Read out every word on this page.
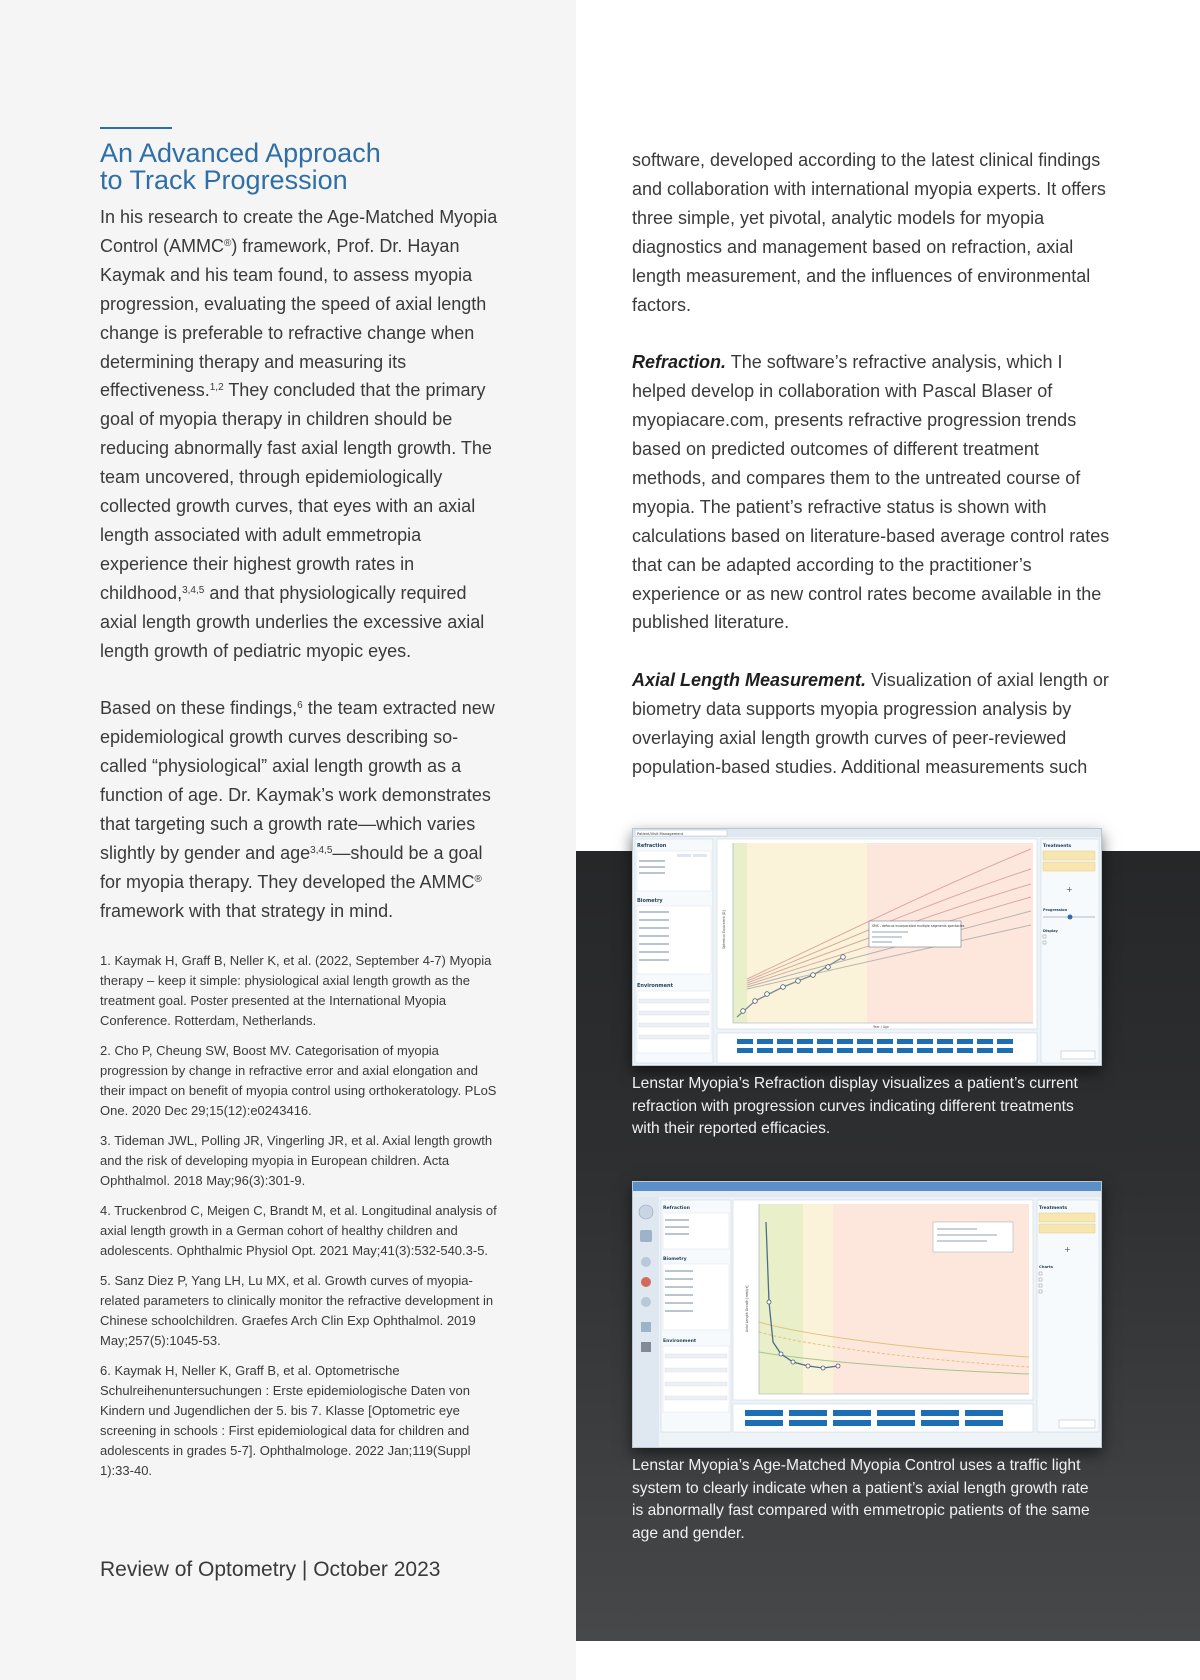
An Advanced Approach
to Track Progression

In his research to create the Age-Matched Myopia Control (AMMC®) framework, Prof. Dr. Hayan Kaymak and his team found, to assess myopia progression, evaluating the speed of axial length change is preferable to refractive change when determining therapy and measuring its effectiveness.$^{1,2}$ They concluded that the primary goal of myopia therapy in children should be reducing abnormally fast axial length growth. The team uncovered, through epidemiologically collected growth curves, that eyes with an axial length associated with adult emmetropia experience their highest growth rates in childhood,$^{3,4,5}$ and that physiologically required axial length growth underlies the excessive axial length growth of pediatric myopic eyes.

Based on these findings,$^6$ the team extracted new epidemiological growth curves describing so-called “physiological” axial length growth as a function of age. Dr. Kaymak’s work demonstrates that targeting such a growth rate—which varies slightly by gender and age$^{3,4,5}$—should be a goal for myopia therapy. They developed the AMMC® framework with that strategy in mind.

1. Kaymak H, Graff B, Neller K, et al. (2022, September 4-7) Myopia therapy – keep it simple: physiological axial length growth as the treatment goal. Poster presented at the International Myopia Conference. Rotterdam, Netherlands.

2. Cho P, Cheung SW, Boost MV. Categorisation of myopia progression by change in refractive error and axial elongation and their impact on benefit of myopia control using orthokeratology. PLoS One. 2020 Dec 29;15(12):e0243416.

3. Tideman JWL, Polling JR, Vingerling JR, et al. Axial length growth and the risk of developing myopia in European children. Acta Ophthalmol. 2018 May;96(3):301-9.

4. Truckenbrod C, Meigen C, Brandt M, et al. Longitudinal analysis of axial length growth in a German cohort of healthy children and adolescents. Ophthalmic Physiol Opt. 2021 May;41(3):532-540.3-5.

5. Sanz Diez P, Yang LH, Lu MX, et al. Growth curves of myopia-related parameters to clinically monitor the refractive development in Chinese schoolchildren. Graefes Arch Clin Exp Ophthalmol. 2019 May;257(5):1045-53.

6. Kaymak H, Neller K, Graff B, et al. Optometrische Schulreihenuntersuchungen : Erste epidemiologische Daten von Kindern und Jugendlichen der 5. bis 7. Klasse [Optometric eye screening in schools : First epidemiological data for children and adolescents in grades 5-7]. Ophthalmologe. 2022 Jan;119(Suppl 1):33-40.

Review of Optometry | October 2023

software, developed according to the latest clinical findings and collaboration with international myopia experts. It offers three simple, yet pivotal, analytic models for myopia diagnostics and management based on refraction, axial length measurement, and the influences of environmental factors.

Refraction. The software’s refractive analysis, which I helped develop in collaboration with Pascal Blaser of myopiacare.com, presents refractive progression trends based on predicted outcomes of different treatment methods, and compares them to the untreated course of myopia. The patient’s refractive status is shown with calculations based on literature-based average control rates that can be adapted according to the practitioner’s experience or as new control rates become available in the published literature.

Axial Length Measurement. Visualization of axial length or biometry data supports myopia progression analysis by overlaying axial length growth curves of peer-reviewed population-based studies. Additional measurements such

Patient/Visit Management
Refraction
Biometry
Environment
SMS - defocus incorporated multiple segments spectacles
Year / Age
Spherical Equivalent [D]
Treatments
+
Progression
Display
Lenstar Myopia’s Refraction display visualizes a patient’s current refraction with progression curves indicating different treatments with their reported efficacies.
Refraction
Biometry
Environment
Axial Length Growth [mm/yr]
Treatments
+
Charts
Lenstar Myopia’s Age-Matched Myopia Control uses a traffic light system to clearly indicate when a patient’s axial length growth rate is abnormally fast compared with emmetropic patients of the same age and gender.
